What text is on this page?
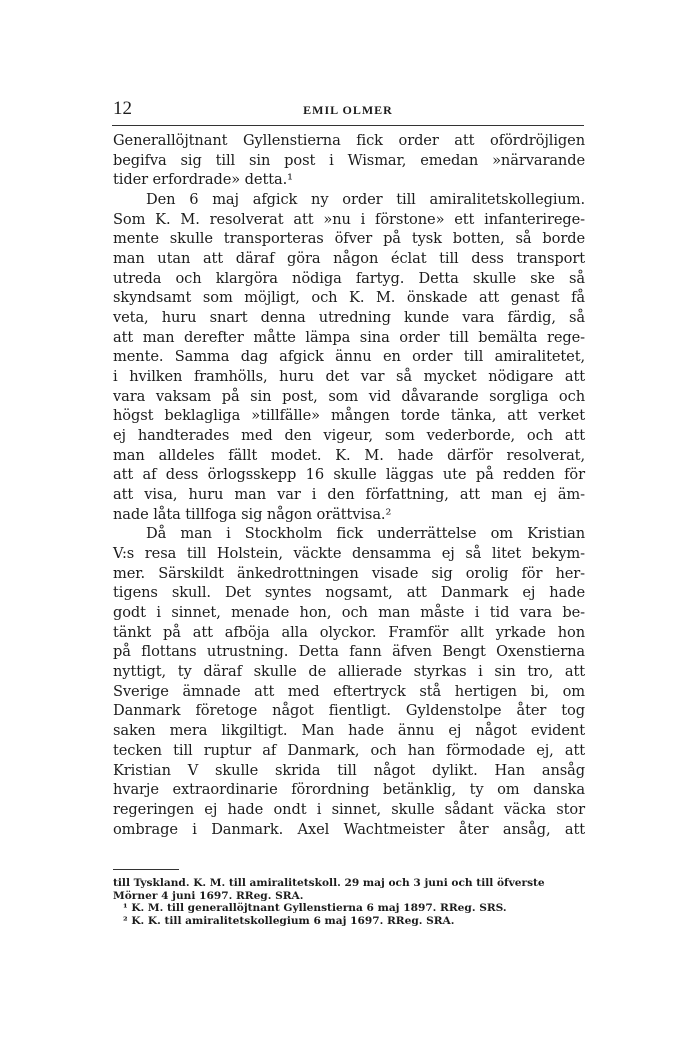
12	EMIL OLMER
Generallöjtnant Gyllenstierna fick order att ofördröjligen
begifva sig till sin post i Wismar, emedan »närvarande
tider erfordrade» detta.¹
Den 6 maj afgick ny order till amiralitetskollegium.
Som K. M. resolverat att »nu i förstone» ett infanterirege-
mente skulle transporteras öfver på tysk botten, så borde
man utan att däraf göra någon éclat till dess transport
utreda och klargöra nödiga fartyg. Detta skulle ske så
skyndsamt som möjligt, och K. M. önskade att genast få
veta, huru snart denna utredning kunde vara färdig, så
att man derefter måtte lämpa sina order till bemälta rege-
mente. Samma dag afgick ännu en order till amiralitetet,
i hvilken framhölls, huru det var så mycket nödigare att
vara vaksam på sin post, som vid dåvarande sorgliga och
högst beklagliga »tillfälle» mången torde tänka, att verket
ej handterades med den vigeur, som vederborde, och att
man alldeles fällt modet. K. M. hade därför resolverat,
att af dess örlogsskepp 16 skulle läggas ute på redden för
att visa, huru man var i den författning, att man ej äm-
nade låta tillfoga sig någon orättvisa.²
Då man i Stockholm fick underrättelse om Kristian
V:s resa till Holstein, väckte densamma ej så litet bekym-
mer. Särskildt änkedrottningen visade sig orolig för her-
tigens skull. Det syntes nogsamt, att Danmark ej hade
godt i sinnet, menade hon, och man måste i tid vara be-
tänkt på att afböja alla olyckor. Framför allt yrkade hon
på flottans utrustning. Detta fann äfven Bengt Oxenstierna
nyttigt, ty däraf skulle de allierade styrkas i sin tro, att
Sverige ämnade att med eftertryck stå hertigen bi, om
Danmark företoge något fientligt. Gyldenstolpe åter tog
saken mera likgiltigt. Man hade ännu ej något evident
tecken till ruptur af Danmark, och han förmodade ej, att
Kristian V skulle skrida till något dylikt. Han ansåg
hvarje extraordinarie förordning betänklig, ty om danska
regeringen ej hade ondt i sinnet, skulle sådant väcka stor
ombrage i Danmark. Axel Wachtmeister åter ansåg, att
till Tyskland. K. M. till amiralitetskoll. 29 maj och 3 juni och till öfverste
Mörner 4 juni 1697. RReg. SRA.
¹ K. M. till generallöjtnant Gyllenstierna 6 maj 1897. RReg. SRS.
² K. K. till amiralitetskollegium 6 maj 1697. RReg. SRA.
